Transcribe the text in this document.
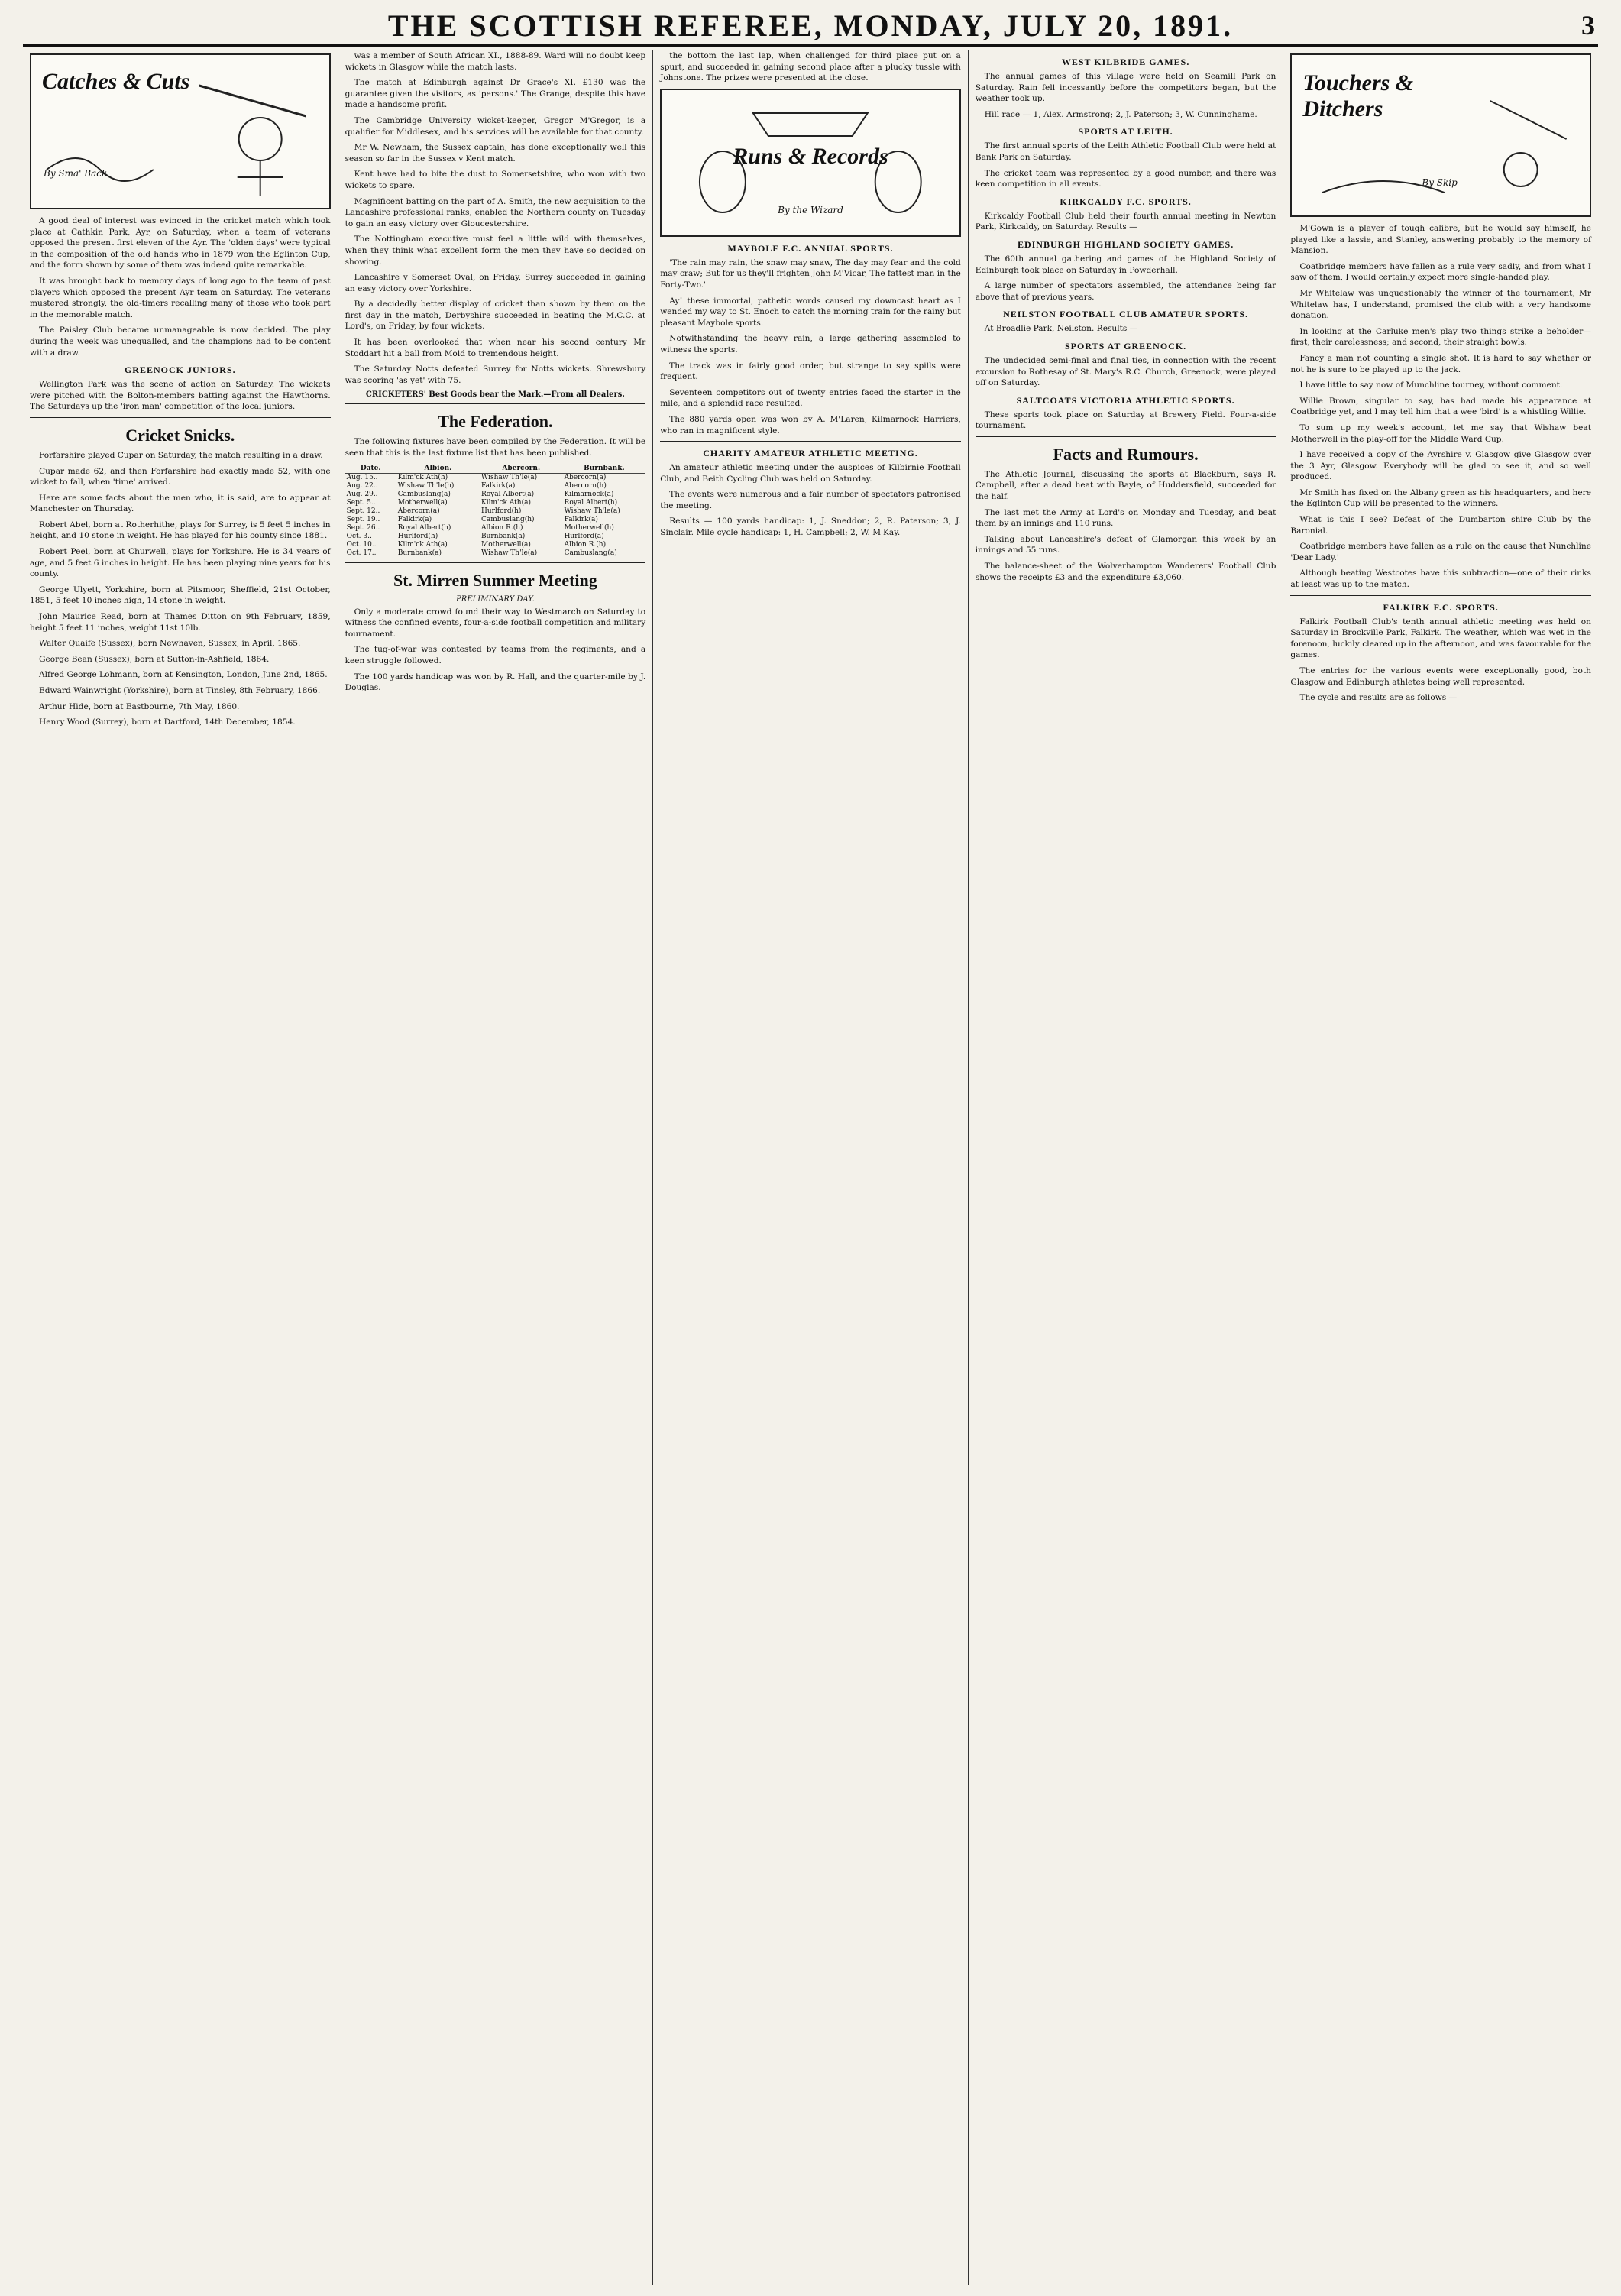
THE SCOTTISH REFEREE, MONDAY, JULY 20, 1891.	3
Catches & Cuts
By Sma' Back

A good deal of interest was evinced in the cricket match which took place at Cathkin Park, Ayr, on Saturday, when a team of veterans opposed the present first eleven of the Ayr. The 'olden days' were typical in the composition of the old hands who in 1879 won the Eglinton Cup, and the form shown by some of them was indeed quite remarkable.

It was brought back to memory days of long ago to the team of past players which opposed the present Ayr team on Saturday. The veterans mustered strongly, the old-timers recalling many of those who took part in the memorable match.

The Paisley Club became unmanageable is now decided. The play during the week was unequalled, and the champions had to be content with a draw.

GREENOCK JUNIORS.

Wellington Park was the scene of action on Saturday. The wickets were pitched with the Bolton-members batting against the Hawthorns. The Saturdays up the 'iron man' competition of the local juniors.

Cricket Snicks.

Forfarshire played Cupar on Saturday, the match resulting in a draw.

Cupar made 62, and then Forfarshire had exactly made 52, with one wicket to fall, when 'time' arrived.

Here are some facts about the men who, it is said, are to appear at Manchester on Thursday.

Robert Abel, born at Rotherhithe, plays for Surrey, is 5 feet 5 inches in height, and 10 stone in weight. He has played for his county since 1881.

Robert Peel, born at Churwell, plays for Yorkshire. He is 34 years of age, and 5 feet 6 inches in height. He has been playing nine years for his county.

George Ulyett, Yorkshire, born at Pitsmoor, Sheffield, 21st October, 1851, 5 feet 10 inches high, 14 stone in weight.

John Maurice Read, born at Thames Ditton on 9th February, 1859, height 5 feet 11 inches, weight 11st 10lb.

Walter Quaife (Sussex), born Newhaven, Sussex, in April, 1865.

George Bean (Sussex), born at Sutton-in-Ashfield, 1864.

Alfred George Lohmann, born at Kensington, London, June 2nd, 1865.

Edward Wainwright (Yorkshire), born at Tinsley, 8th February, 1866.

Arthur Hide, born at Eastbourne, 7th May, 1860.

Henry Wood (Surrey), born at Dartford, 14th December, 1854.

was a member of South African XI., 1888-89. Ward will no doubt keep wickets in Glasgow while the match lasts.

The match at Edinburgh against Dr Grace's XI. £130 was the guarantee given the visitors, as 'persons.' The Grange, despite this have made a handsome profit.

The Cambridge University wicket-keeper, Gregor M'Gregor, is a qualifier for Middlesex, and his services will be available for that county.

Mr W. Newham, the Sussex captain, has done exceptionally well this season so far in the Sussex v Kent match.

Kent have had to bite the dust to Somersetshire, who won with two wickets to spare.

Magnificent batting on the part of A. Smith, the new acquisition to the Lancashire professional ranks, enabled the Northern county on Tuesday to gain an easy victory over Gloucestershire.

The Nottingham executive must feel a little wild with themselves, when they think what excellent form the men they have so decided on showing.

Lancashire v Somerset Oval, on Friday, Surrey succeeded in gaining an easy victory over Yorkshire.

By a decidedly better display of cricket than shown by them on the first day in the match, Derbyshire succeeded in beating the M.C.C. at Lord's, on Friday, by four wickets.

It has been overlooked that when near his second century Mr Stoddart hit a ball from Mold to tremendous height.

The Saturday Notts defeated Surrey for Notts wickets. Shrewsbury was scoring 'as yet' with 75.

CRICKETERS' Best Goods bear the Mark.—From all Dealers.
The Federation.

The following fixtures have been compiled by the Federation. It will be seen that this is the last fixture list that has been published.

Date.	Albion.	Abercorn.	Burnbank.
Aug. 15..	Kilm'ck Ath(h)	Wishaw Th'le(a)	Abercorn(a)
Aug. 22..	Wishaw Th'le(h)	Falkirk(a)	Abercorn(h)
Aug. 29..	Cambuslang(a)	Royal Albert(a)	Kilmarnock(a)
Sept. 5..	Motherwell(a)	Kilm'ck Ath(a)	Royal Albert(h)
Sept. 12..	Abercorn(a)	Hurlford(h)	Wishaw Th'le(a)
Sept. 19..	Falkirk(a)	Cambuslang(h)	Falkirk(a)
Sept. 26..	Royal Albert(h)	Albion R.(h)	Motherwell(h)
Oct. 3..	Hurlford(h)	Burnbank(a)	Hurlford(a)
Oct. 10..	Kilm'ck Ath(a)	Motherwell(a)	Albion R.(h)
Oct. 17..	Burnbank(a)	Wishaw Th'le(a)	Cambuslang(a)
St. Mirren Summer Meeting
PRELIMINARY DAY.

Only a moderate crowd found their way to Westmarch on Saturday to witness the confined events, four-a-side football competition and military tournament.

The tug-of-war was contested by teams from the regiments, and a keen struggle followed.

The 100 yards handicap was won by R. Hall, and the quarter-mile by J. Douglas.

the bottom the last lap, when challenged for third place put on a spurt, and succeeded in gaining second place after a plucky tussle with Johnstone. The prizes were presented at the close.

Runs & Records
By the Wizard
MAYBOLE F.C. ANNUAL SPORTS.

'The rain may rain, the snaw may snaw, The day may fear and the cold may craw; But for us they'll frighten John M'Vicar, The fattest man in the Forty-Two.'

Ay! these immortal, pathetic words caused my downcast heart as I wended my way to St. Enoch to catch the morning train for the rainy but pleasant Maybole sports.

Notwithstanding the heavy rain, a large gathering assembled to witness the sports.

The track was in fairly good order, but strange to say spills were frequent.

Seventeen competitors out of twenty entries faced the starter in the mile, and a splendid race resulted.

The 880 yards open was won by A. M'Laren, Kilmarnock Harriers, who ran in magnificent style.

CHARITY AMATEUR ATHLETIC MEETING.

An amateur athletic meeting under the auspices of Kilbirnie Football Club, and Beith Cycling Club was held on Saturday.

The events were numerous and a fair number of spectators patronised the meeting.

Results — 100 yards handicap: 1, J. Sneddon; 2, R. Paterson; 3, J. Sinclair. Mile cycle handicap: 1, H. Campbell; 2, W. M'Kay.

WEST KILBRIDE GAMES.

The annual games of this village were held on Seamill Park on Saturday. Rain fell incessantly before the competitors began, but the weather took up.

Hill race — 1, Alex. Armstrong; 2, J. Paterson; 3, W. Cunninghame.

SPORTS AT LEITH.

The first annual sports of the Leith Athletic Football Club were held at Bank Park on Saturday.

The cricket team was represented by a good number, and there was keen competition in all events.

KIRKCALDY F.C. SPORTS.

Kirkcaldy Football Club held their fourth annual meeting in Newton Park, Kirkcaldy, on Saturday. Results —

EDINBURGH HIGHLAND SOCIETY GAMES.

The 60th annual gathering and games of the Highland Society of Edinburgh took place on Saturday in Powderhall.

A large number of spectators assembled, the attendance being far above that of previous years.

NEILSTON FOOTBALL CLUB AMATEUR SPORTS.

At Broadlie Park, Neilston. Results —

SPORTS AT GREENOCK.

The undecided semi-final and final ties, in connection with the recent excursion to Rothesay of St. Mary's R.C. Church, Greenock, were played off on Saturday.

SALTCOATS VICTORIA ATHLETIC SPORTS.

These sports took place on Saturday at Brewery Field. Four-a-side tournament.

Facts and Rumours.

The Athletic Journal, discussing the sports at Blackburn, says R. Campbell, after a dead heat with Bayle, of Huddersfield, succeeded for the half.

The last met the Army at Lord's on Monday and Tuesday, and beat them by an innings and 110 runs.

Talking about Lancashire's defeat of Glamorgan this week by an innings and 55 runs.

The balance-sheet of the Wolverhampton Wanderers' Football Club shows the receipts £3 and the expenditure £3,060.

Touchers & Ditchers
By Skip

M'Gown is a player of tough calibre, but he would say himself, he played like a lassie, and Stanley, answering probably to the memory of Mansion.

Coatbridge members have fallen as a rule very sadly, and from what I saw of them, I would certainly expect more single-handed play.

Mr Whitelaw was unquestionably the winner of the tournament, Mr Whitelaw has, I understand, promised the club with a very handsome donation.

In looking at the Carluke men's play two things strike a beholder—first, their carelessness; and second, their straight bowls.

Fancy a man not counting a single shot. It is hard to say whether or not he is sure to be played up to the jack.

I have little to say now of Munchline tourney, without comment.

Willie Brown, singular to say, has had made his appearance at Coatbridge yet, and I may tell him that a wee 'bird' is a whistling Willie.

To sum up my week's account, let me say that Wishaw beat Motherwell in the play-off for the Middle Ward Cup.

I have received a copy of the Ayrshire v. Glasgow give Glasgow over the 3 Ayr, Glasgow. Everybody will be glad to see it, and so well produced.

Mr Smith has fixed on the Albany green as his headquarters, and here the Eglinton Cup will be presented to the winners.

What is this I see? Defeat of the Dumbarton shire Club by the Baronial.

Coatbridge members have fallen as a rule on the cause that Nunchline 'Dear Lady.'

Although beating Westcotes have this subtraction—one of their rinks at least was up to the match.

FALKIRK F.C. SPORTS.

Falkirk Football Club's tenth annual athletic meeting was held on Saturday in Brockville Park, Falkirk. The weather, which was wet in the forenoon, luckily cleared up in the afternoon, and was favourable for the games.

The entries for the various events were exceptionally good, both Glasgow and Edinburgh athletes being well represented.

The cycle and results are as follows —
